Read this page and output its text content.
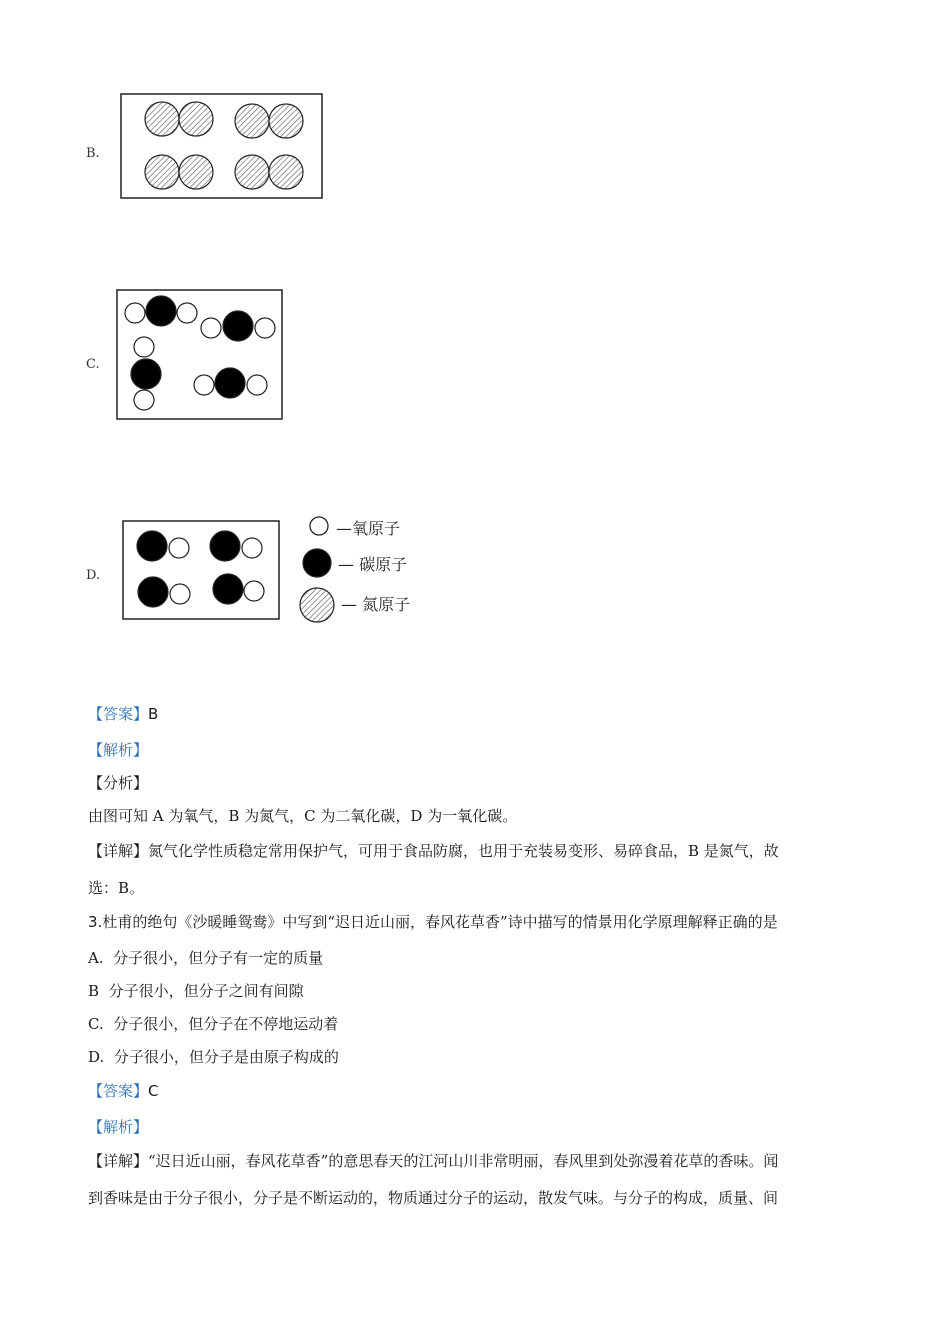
B.
C.
D.
—氧原子
— 碳原子
— 氮原子
【答案】B
【解析】
【分析】
由图可知 A 为氧气，B 为氮气，C 为二氧化碳，D 为一氧化碳。
【详解】氮气化学性质稳定常用保护气，可用于食品防腐，也用于充装易变形、易碎食品，B 是氮气，故
选：B。
3.杜甫的绝句《沙暖睡鸳鸯》中写到“迟日近山丽，春风花草香”诗中描写的情景用化学原理解释正确的是
A. 分子很小，但分子有一定的质量
B 分子很小，但分子之间有间隙
C. 分子很小，但分子在不停地运动着
D. 分子很小，但分子是由原子构成的
【答案】C
【解析】
【详解】“迟日近山丽，春风花草香”的意思春天的江河山川非常明丽，春风里到处弥漫着花草的香味。闻
到香味是由于分子很小，分子是不断运动的，物质通过分子的运动，散发气味。与分子的构成，质量、间
